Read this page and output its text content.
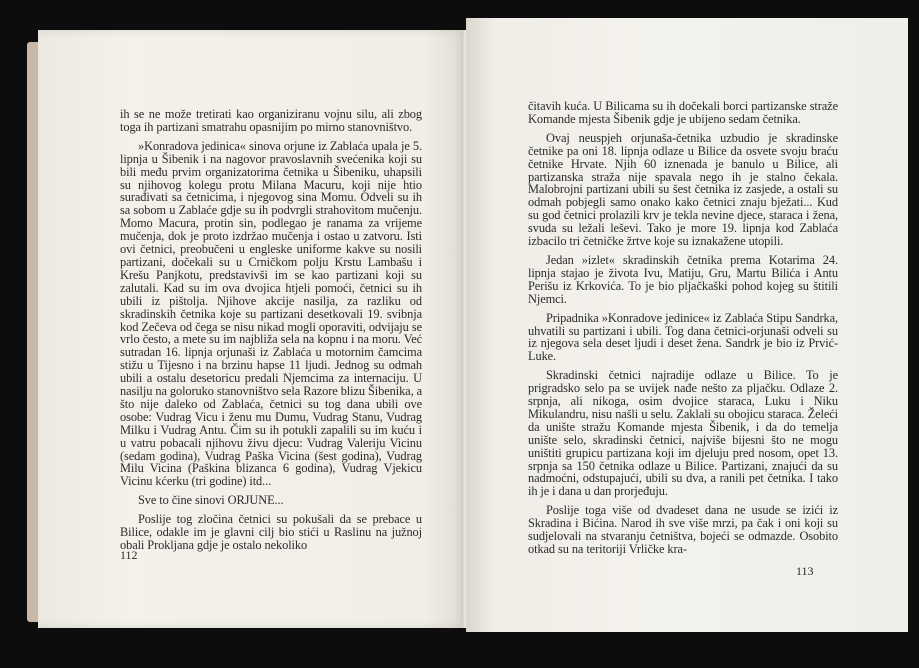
ih se ne može tretirati kao organiziranu vojnu silu, ali zbog toga ih partizani smatrahu opasnijim po mirno stanovništvo.

»Konradova jedinica« sinova orjune iz Zablaća upala je 5. lipnja u Šibenik i na nagovor pravoslavnih svećenika koji su bili među prvim organizatorima četnika u Šibeniku, uhapsili su njihovog kolegu protu Milana Macuru, koji nije htio surađivati sa četnicima, i njegovog sina Momu. Odveli su ih sa sobom u Zablaće gdje su ih podvrgli strahovitom mučenju. Momo Macura, protin sin, podlegao je ranama za vrijeme mučenja, dok je proto izdržao mučenja i ostao u zatvoru. Isti ovi četnici, preobučeni u engleske uniforme kakve su nosili partizani, dočekali su u Crničkom polju Krstu Lambašu i Krešu Panjkotu, predstavivši im se kao partizani koji su zalutali. Kad su im ova dvojica htjeli pomoći, četnici su ih ubili iz pištolja. Njihove akcije nasilja, za razliku od skradinskih četnika koje su partizani desetkovali 19. svibnja kod Zečeva od čega se nisu nikad mogli oporaviti, odvijaju se vrlo često, a mete su im najbliža sela na kopnu i na moru. Već sutradan 16. lipnja orjunaši iz Zablaća u motornim čamcima stižu u Tijesno i na brzinu hapse 11 ljudi. Jednog su odmah ubili a ostalu desetoricu predali Njemcima za internaciju. U nasilju na goloruko stanovništvo sela Razore blizu Šibenika, a što nije daleko od Zablaća, četnici su tog dana ubili ove osobe: Vudrag Vicu i ženu mu Dumu, Vudrag Stanu, Vudrag Milku i Vudrag Antu. Čim su ih potukli zapalili su im kuću i u vatru pobacali njihovu živu djecu: Vudrag Valeriju Vicinu (sedam godina), Vudrag Paška Vicina (šest godina), Vudrag Milu Vicina (Paškina blizanca 6 godina), Vudrag Vjekicu Vicinu kćerku (tri godine) itd...

Sve to čine sinovi ORJUNE...

Poslije tog zločina četnici su pokušali da se prebace u Bilice, odakle im je glavni cilj bio stići u Raslinu na južnoj obali Prokljana gdje je ostalo nekoliko

112

čitavih kuća. U Bilicama su ih dočekali borci partizanske straže Komande mjesta Šibenik gdje je ubijeno sedam četnika.

Ovaj neuspjeh orjunaša-četnika uzbudio je skradinske četnike pa oni 18. lipnja odlaze u Bilice da osvete svoju braću četnike Hrvate. Njih 60 iznenada je banulo u Bilice, ali partizanska straža nije spavala nego ih je stalno čekala. Malobrojni partizani ubili su šest četnika iz zasjede, a ostali su odmah pobjegli samo onako kako četnici znaju bježati... Kud su god četnici prolazili krv je tekla nevine djece, staraca i žena, svuda su ležali leševi. Tako je more 19. lipnja kod Zablaća izbacilo tri četničke žrtve koje su iznakažene utopili.

Jedan »izlet« skradinskih četnika prema Kotarima 24. lipnja stajao je života Ivu, Matiju, Gru, Martu Bilića i Antu Perišu iz Krkovića. To je bio pljačkaški pohod kojeg su štitili Njemci.

Pripadnika »Konradove jedinice« iz Zablaća Stipu Sandrka, uhvatili su partizani i ubili. Tog dana četnici-orjunaši odveli su iz njegova sela deset ljudi i deset žena. Sandrk je bio iz Prvić-Luke.

Skradinski četnici najradije odlaze u Bilice. To je prigradsko selo pa se uvijek nađe nešto za pljačku. Odlaze 2. srpnja, ali nikoga, osim dvojice staraca, Luku i Niku Mikulandru, nisu našli u selu. Zaklali su obojicu staraca. Želeći da unište stražu Komande mjesta Šibenik, i da do temelja unište selo, skradinski četnici, najviše bijesni što ne mogu uništiti grupicu partizana koji im djeluju pred nosom, opet 13. srpnja sa 150 četnika odlaze u Bilice. Partizani, znajući da su nadmoćni, odstupajući, ubili su dva, a ranili pet četnika. I tako ih je i dana u dan prorjeđuju.

Poslije toga više od dvadeset dana ne usude se izići iz Skradina i Bićina. Narod ih sve više mrzi, pa čak i oni koji su sudjelovali na stvaranju četništva, bojeći se odmazde. Osobito otkad su na teritoriji Vrličke kra-

113
